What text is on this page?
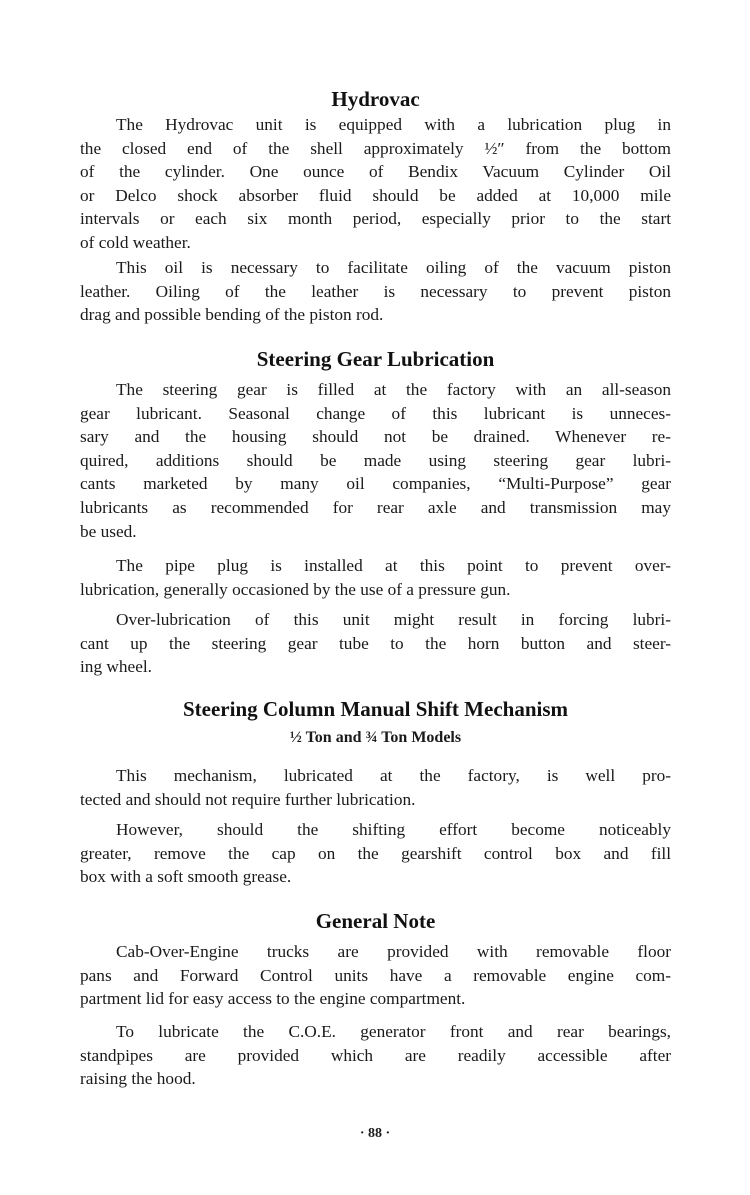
Hydrovac
The Hydrovac unit is equipped with a lubrication plug in
the closed end of the shell approximately ½″ from the bottom
of the cylinder. One ounce of Bendix Vacuum Cylinder Oil
or Delco shock absorber fluid should be added at 10,000 mile
intervals or each six month period, especially prior to the start
of cold weather.
This oil is necessary to facilitate oiling of the vacuum piston
leather. Oiling of the leather is necessary to prevent piston
drag and possible bending of the piston rod.
Steering Gear Lubrication
The steering gear is filled at the factory with an all-season
gear lubricant. Seasonal change of this lubricant is unneces-
sary and the housing should not be drained. Whenever re-
quired, additions should be made using steering gear lubri-
cants marketed by many oil companies, “Multi-Purpose” gear
lubricants as recommended for rear axle and transmission may
be used.
The pipe plug is installed at this point to prevent over-
lubrication, generally occasioned by the use of a pressure gun.
Over-lubrication of this unit might result in forcing lubri-
cant up the steering gear tube to the horn button and steer-
ing wheel.
Steering Column Manual Shift Mechanism
½ Ton and ¾ Ton Models
This mechanism, lubricated at the factory, is well pro-
tected and should not require further lubrication.
However, should the shifting effort become noticeably
greater, remove the cap on the gearshift control box and fill
box with a soft smooth grease.
General Note
Cab-Over-Engine trucks are provided with removable floor
pans and Forward Control units have a removable engine com-
partment lid for easy access to the engine compartment.
To lubricate the C.O.E. generator front and rear bearings,
standpipes are provided which are readily accessible after
raising the hood.
· 88 ·
